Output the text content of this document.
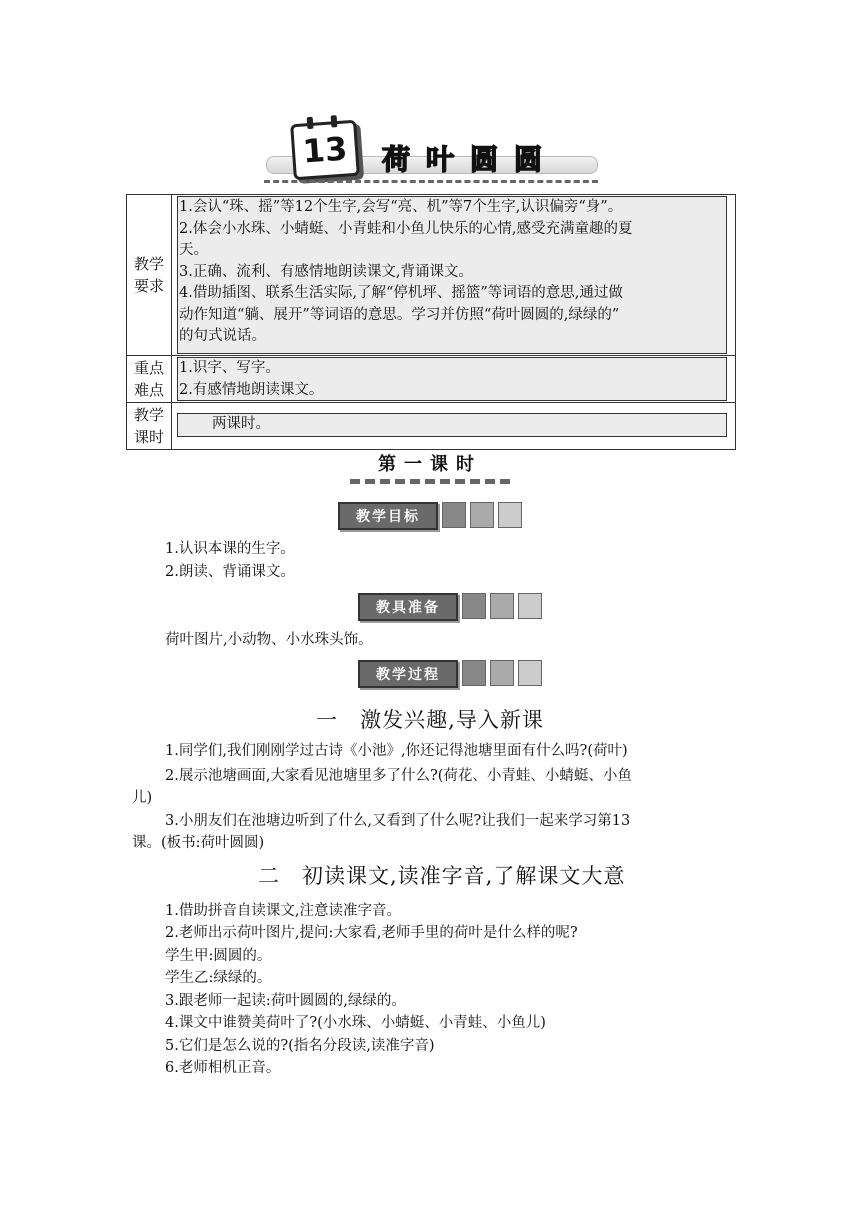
13	荷叶圆圆
教学
要求
1.会认“珠、摇”等12个生字,会写“亮、机”等7个生字,认识偏旁“身”。
2.体会小水珠、小蜻蜓、小青蛙和小鱼儿快乐的心情,感受充满童趣的夏
天。
3.正确、流利、有感情地朗读课文,背诵课文。
4.借助插图、联系生活实际,了解“停机坪、摇篮”等词语的意思,通过做
动作知道“躺、展开”等词语的意思。学习并仿照“荷叶圆圆的,绿绿的”
的句式说话。
重点
难点
1.识字、写字。
2.有感情地朗读课文。
教学
课时
两课时。
第一课时
教学目标
1.认识本课的生字。
2.朗读、背诵课文。
教具准备
荷叶图片,小动物、小水珠头饰。
教学过程
一　激发兴趣,导入新课
1.同学们,我们刚刚学过古诗《小池》,你还记得池塘里面有什么吗?(荷叶)
2.展示池塘画面,大家看见池塘里多了什么?(荷花、小青蛙、小蜻蜓、小鱼
儿)
3.小朋友们在池塘边听到了什么,又看到了什么呢?让我们一起来学习第13
课。(板书:荷叶圆圆)
二　初读课文,读准字音,了解课文大意
1.借助拼音自读课文,注意读准字音。
2.老师出示荷叶图片,提问:大家看,老师手里的荷叶是什么样的呢?
学生甲:圆圆的。
学生乙:绿绿的。
3.跟老师一起读:荷叶圆圆的,绿绿的。
4.课文中谁赞美荷叶了?(小水珠、小蜻蜓、小青蛙、小鱼儿)
5.它们是怎么说的?(指名分段读,读准字音)
6.老师相机正音。
